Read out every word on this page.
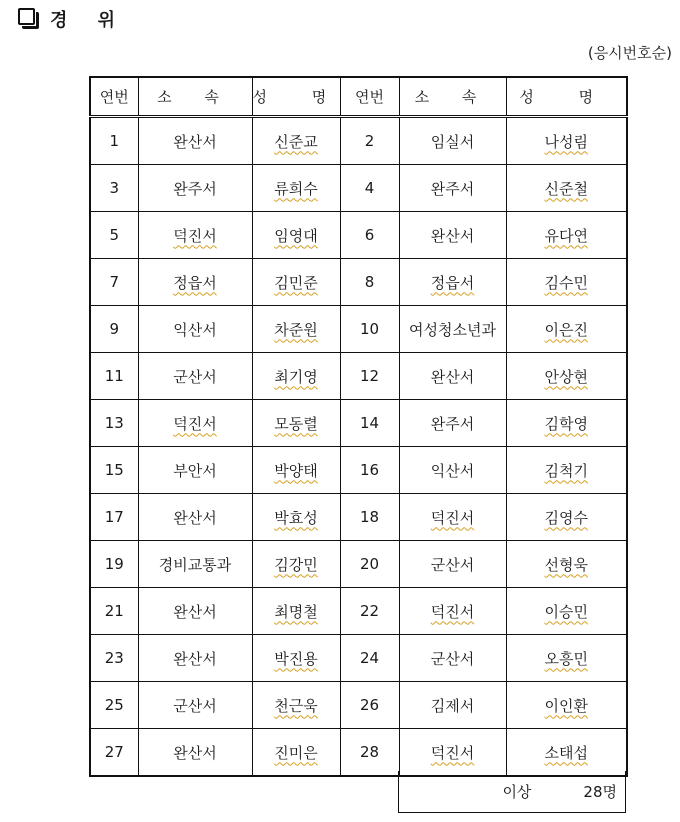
경 위
(응시번호순)
연번	소 속	성 명	연번	소 속	성 명
1	완산서	신준교	2	임실서	나성림
3	완주서	류희수	4	완주서	신준철
5	덕진서	임영대	6	완산서	유다연
7	정읍서	김민준	8	정읍서	김수민
9	익산서	차준원	10	여성청소년과	이은진
11	군산서	최기영	12	완산서	안상현
13	덕진서	모동렬	14	완주서	김학영
15	부안서	박양태	16	익산서	김척기
17	완산서	박효성	18	덕진서	김영수
19	경비교통과	김강민	20	군산서	선형욱
21	완산서	최명철	22	덕진서	이승민
23	완산서	박진용	24	군산서	오흥민
25	군산서	천근욱	26	김제서	이인환
27	완산서	진미은	28	덕진서	소태섭
이상	28명
